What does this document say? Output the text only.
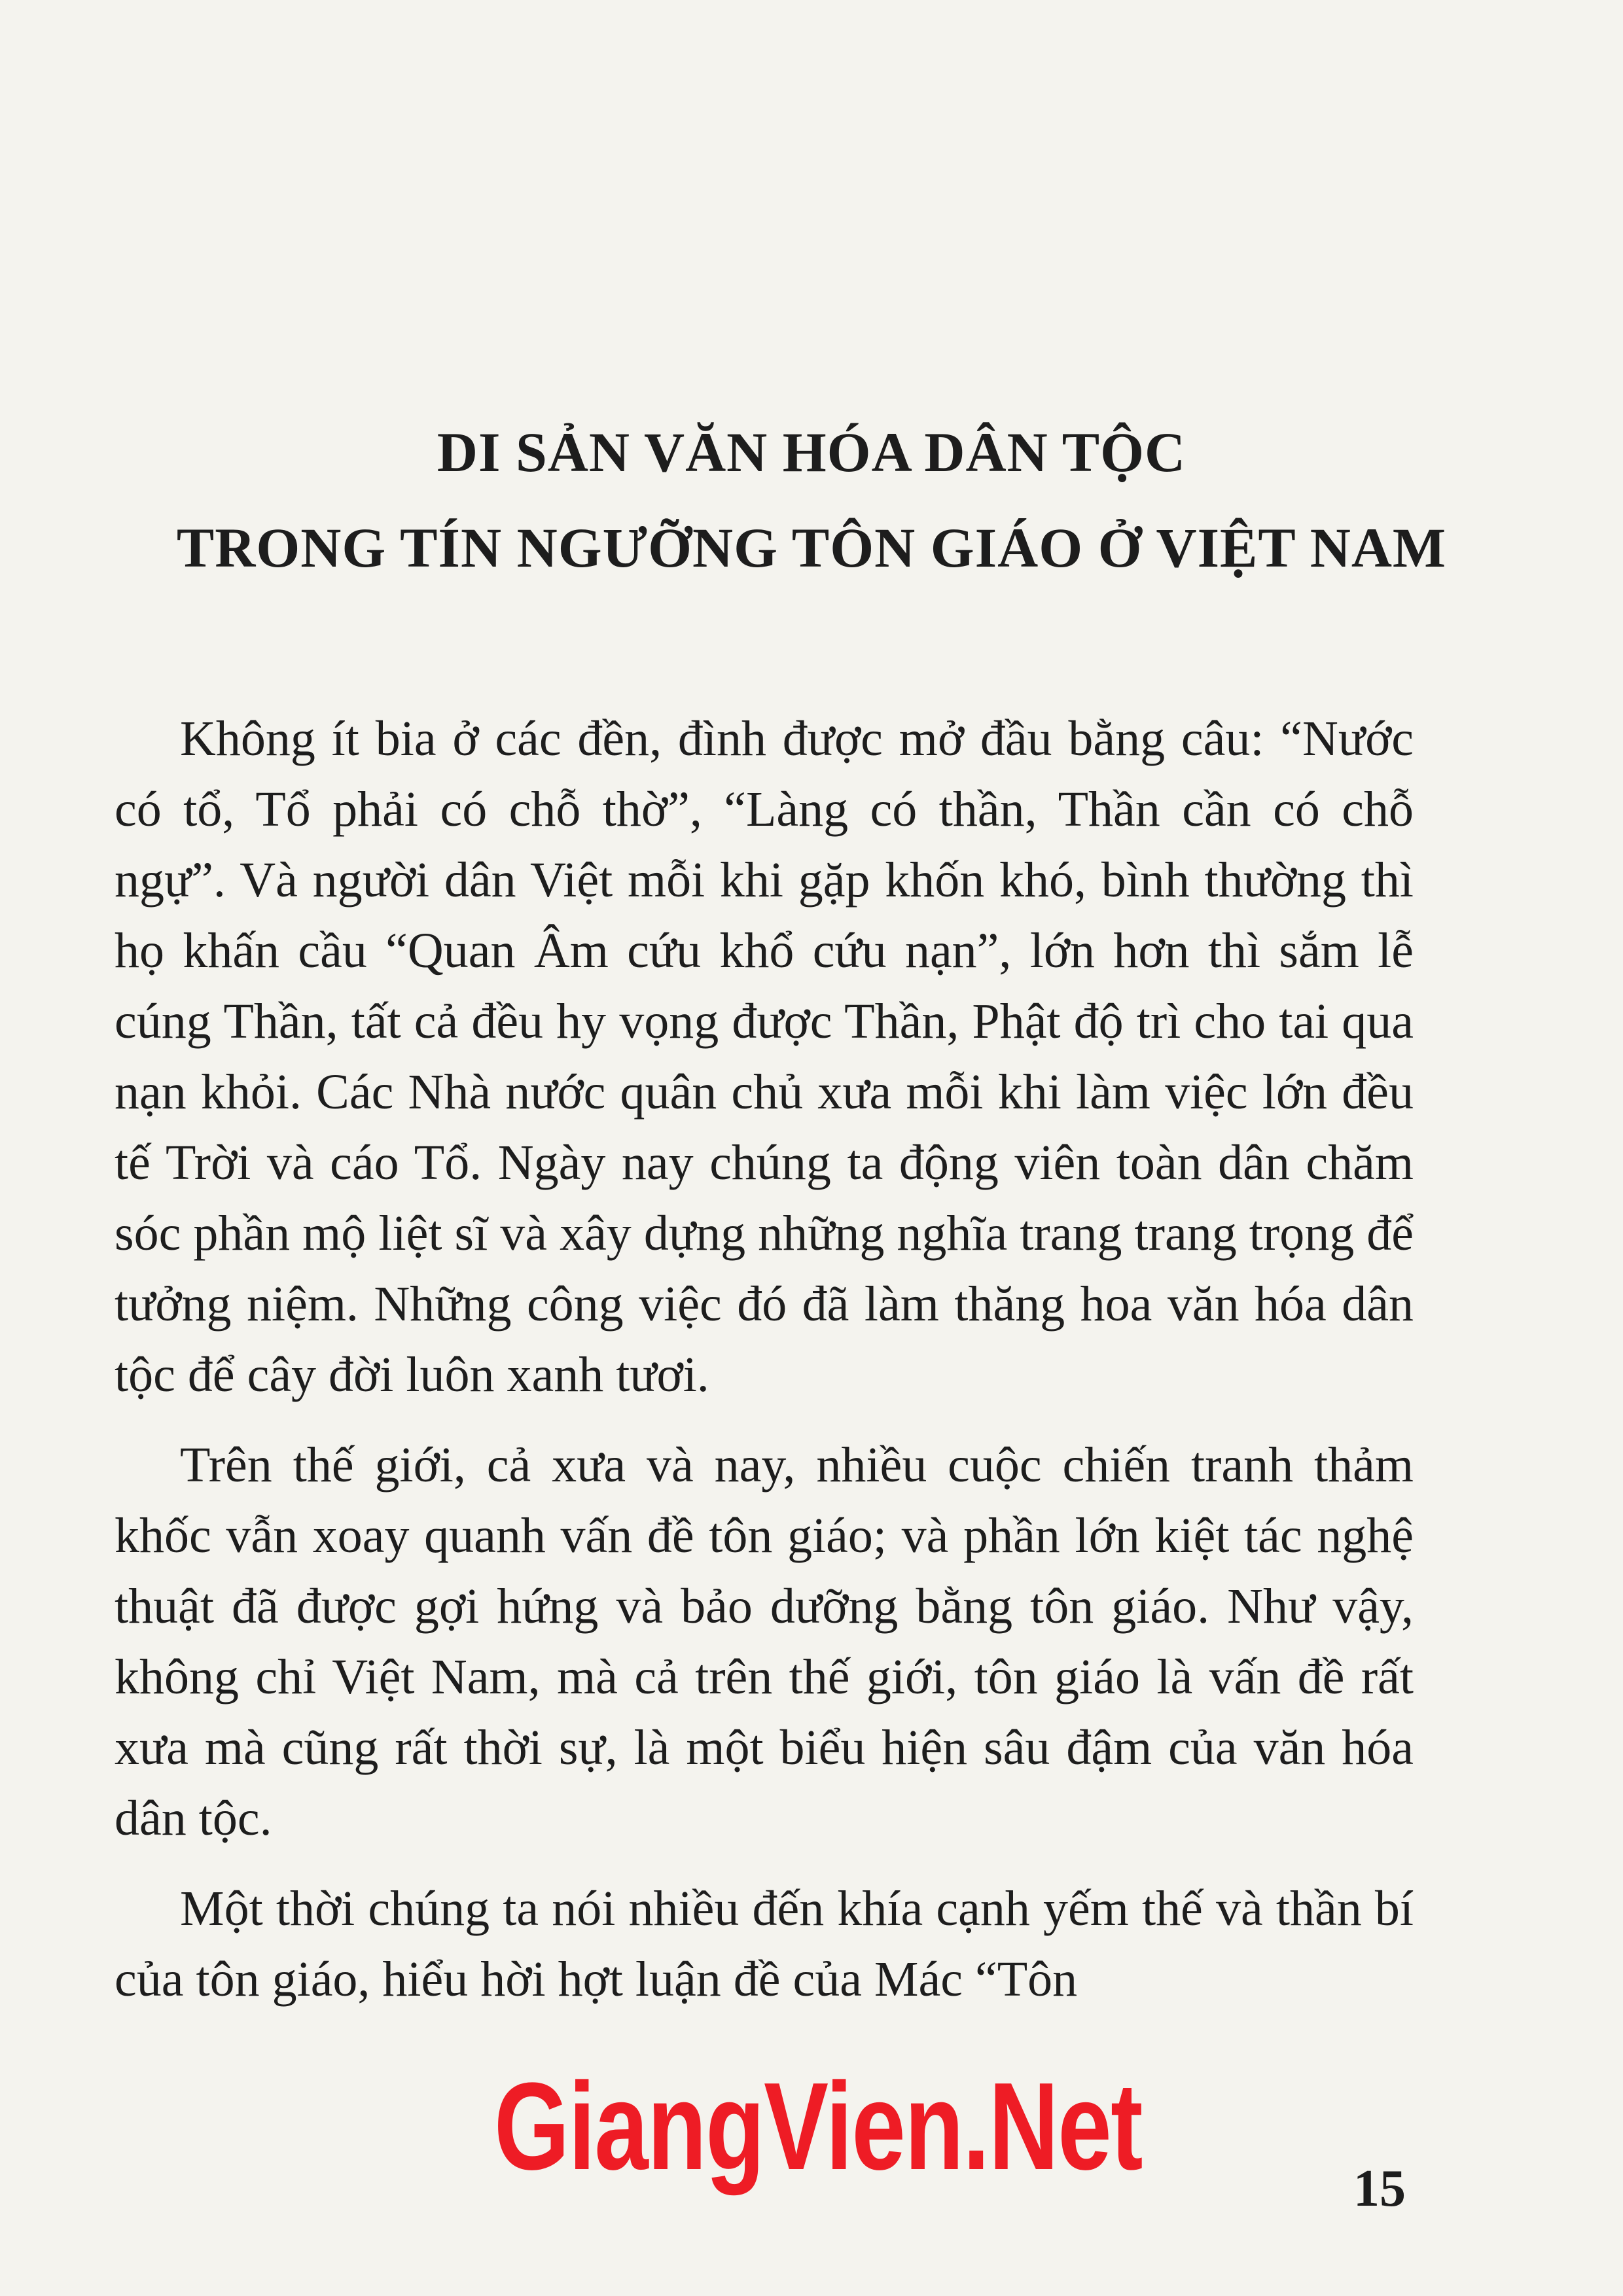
DI SẢN VĂN HÓA DÂN TỘC
TRONG TÍN NGƯỠNG TÔN GIÁO Ở VIỆT NAM

Không ít bia ở các đền, đình được mở đầu bằng câu: “Nước có tổ, Tổ phải có chỗ thờ”, “Làng có thần, Thần cần có chỗ ngự”. Và người dân Việt mỗi khi gặp khốn khó, bình thường thì họ khấn cầu “Quan Âm cứu khổ cứu nạn”, lớn hơn thì sắm lễ cúng Thần, tất cả đều hy vọng được Thần, Phật độ trì cho tai qua nạn khỏi. Các Nhà nước quân chủ xưa mỗi khi làm việc lớn đều tế Trời và cáo Tổ. Ngày nay chúng ta động viên toàn dân chăm sóc phần mộ liệt sĩ và xây dựng những nghĩa trang trang trọng để tưởng niệm. Những công việc đó đã làm thăng hoa văn hóa dân tộc để cây đời luôn xanh tươi.

Trên thế giới, cả xưa và nay, nhiều cuộc chiến tranh thảm khốc vẫn xoay quanh vấn đề tôn giáo; và phần lớn kiệt tác nghệ thuật đã được gợi hứng và bảo dưỡng bằng tôn giáo. Như vậy, không chỉ Việt Nam, mà cả trên thế giới, tôn giáo là vấn đề rất xưa mà cũng rất thời sự, là một biểu hiện sâu đậm của văn hóa dân tộc.

Một thời chúng ta nói nhiều đến khía cạnh yếm thế và thần bí của tôn giáo, hiểu hời hợt luận đề của Mác “Tôn

GiangVien.Net	15
